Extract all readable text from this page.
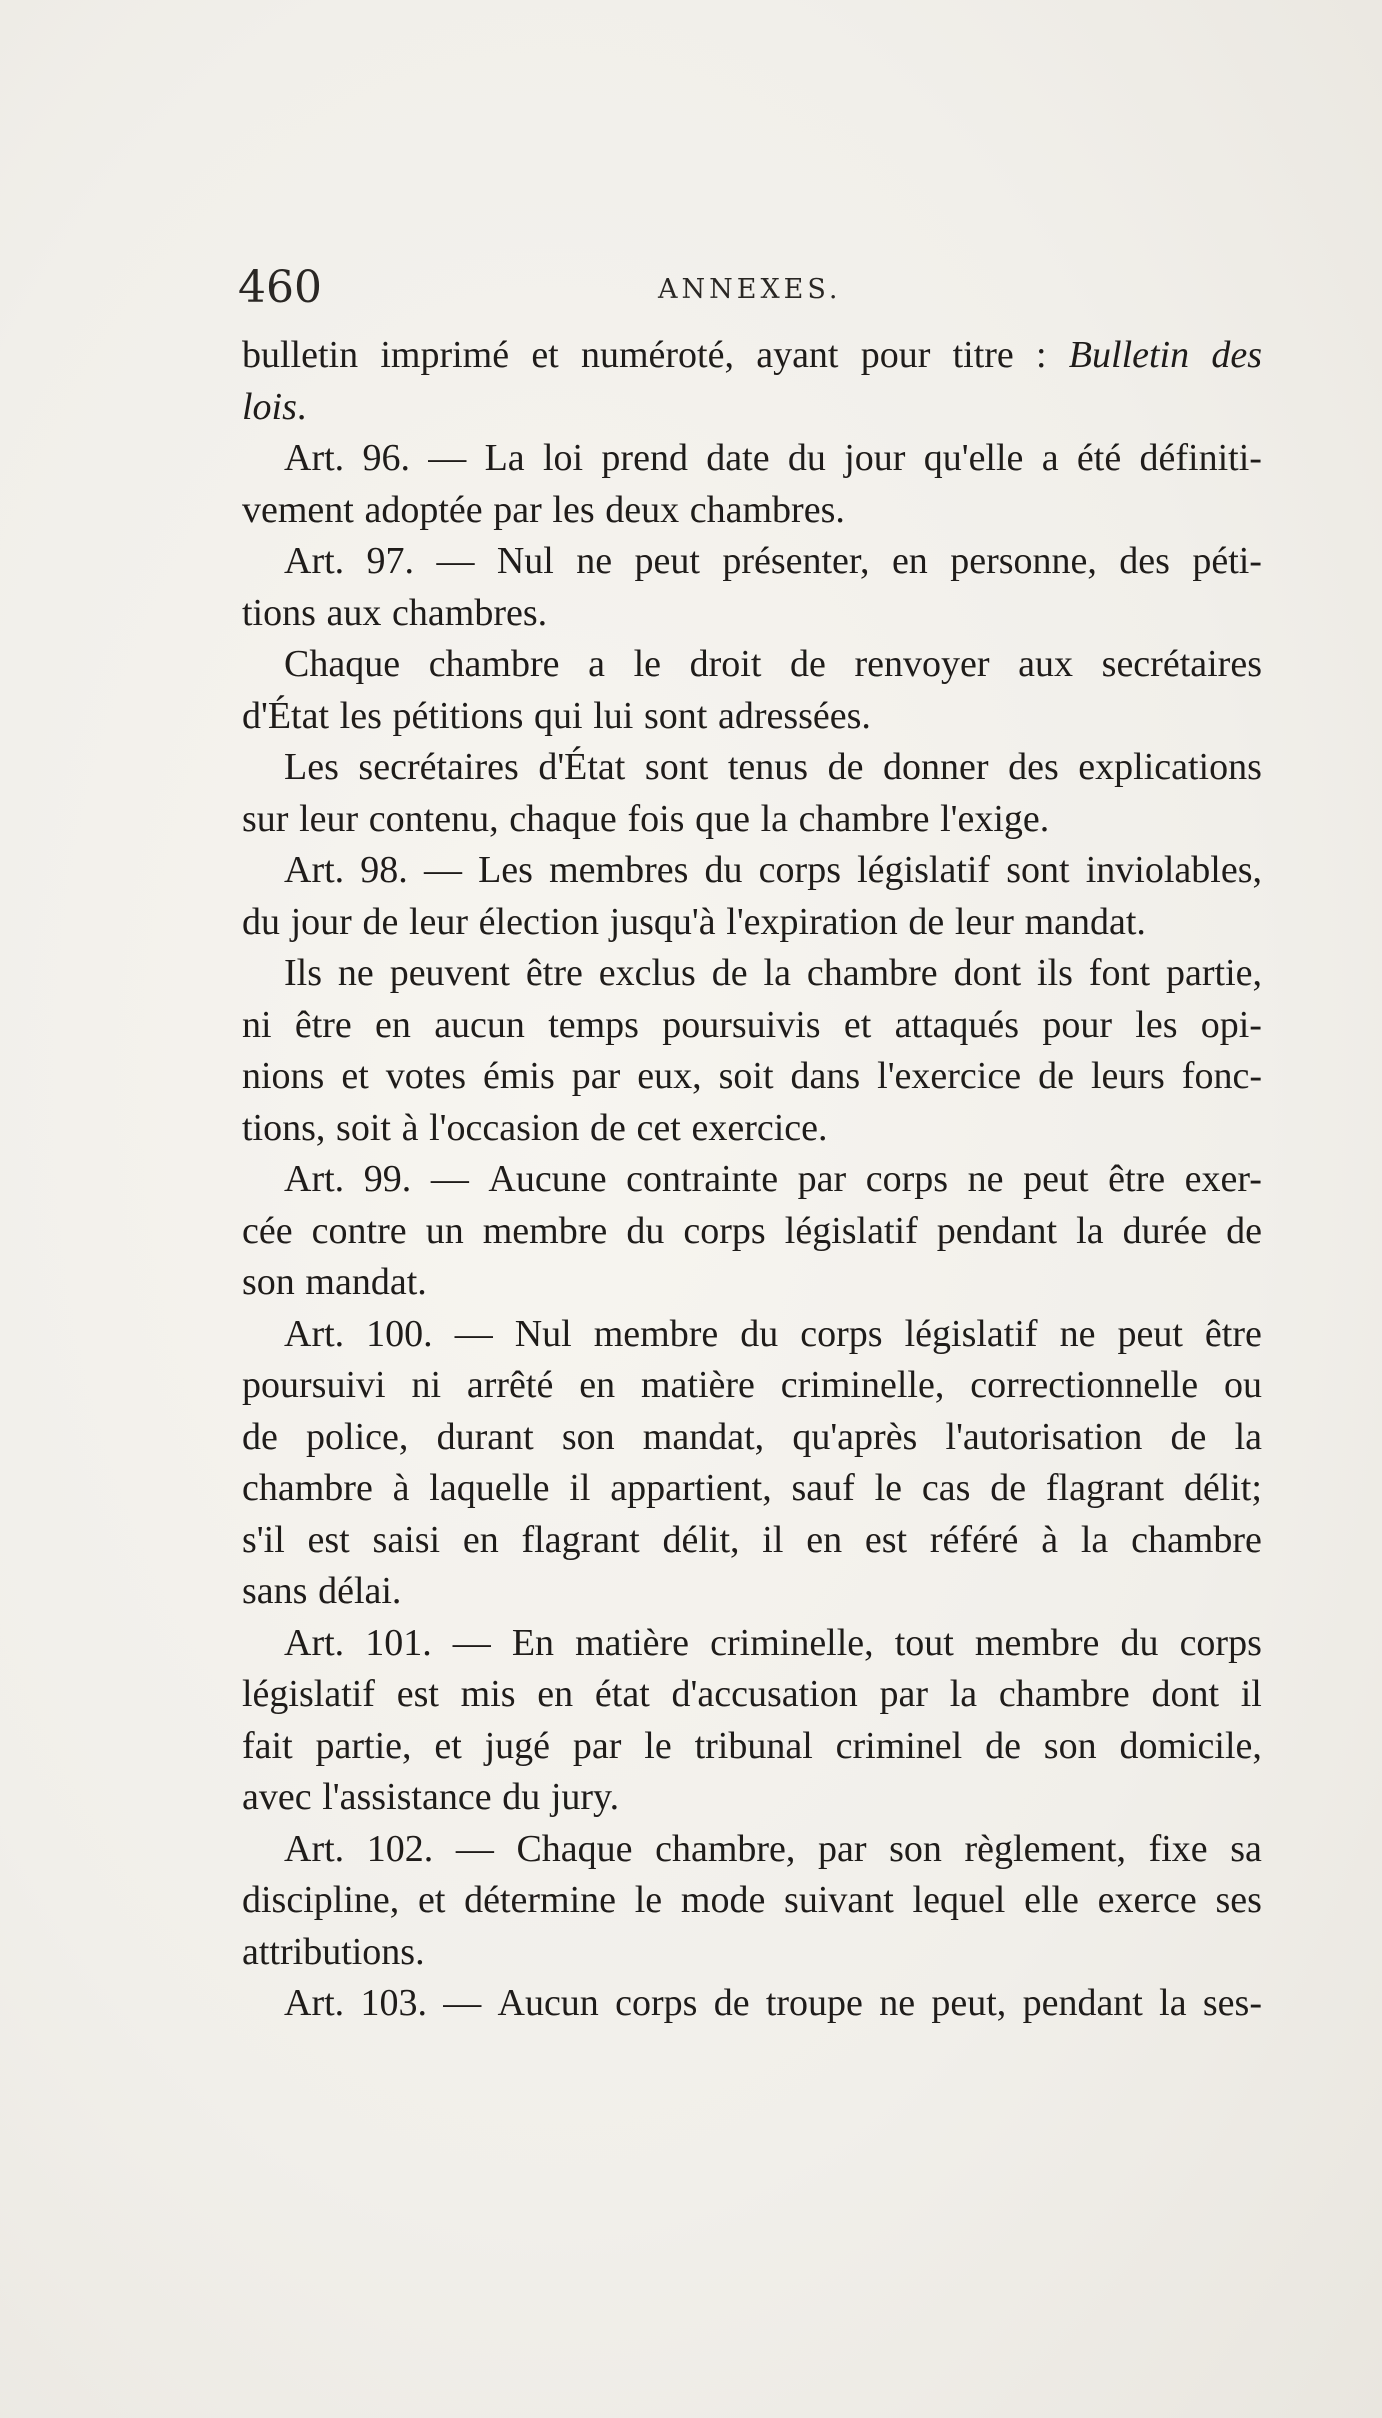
460	ANNEXES.
bulletin imprimé et numéroté, ayant pour titre : Bulletin des
lois.
Art. 96. — La loi prend date du jour qu'elle a été définiti-
vement adoptée par les deux chambres.
Art. 97. — Nul ne peut présenter, en personne, des péti-
tions aux chambres.
Chaque chambre a le droit de renvoyer aux secrétaires
d'État les pétitions qui lui sont adressées.
Les secrétaires d'État sont tenus de donner des explications
sur leur contenu, chaque fois que la chambre l'exige.
Art. 98. — Les membres du corps législatif sont inviolables,
du jour de leur élection jusqu'à l'expiration de leur mandat.
Ils ne peuvent être exclus de la chambre dont ils font partie,
ni être en aucun temps poursuivis et attaqués pour les opi-
nions et votes émis par eux, soit dans l'exercice de leurs fonc-
tions, soit à l'occasion de cet exercice.
Art. 99. — Aucune contrainte par corps ne peut être exer-
cée contre un membre du corps législatif pendant la durée de
son mandat.
Art. 100. — Nul membre du corps législatif ne peut être
poursuivi ni arrêté en matière criminelle, correctionnelle ou
de police, durant son mandat, qu'après l'autorisation de la
chambre à laquelle il appartient, sauf le cas de flagrant délit;
s'il est saisi en flagrant délit, il en est référé à la chambre
sans délai.
Art. 101. — En matière criminelle, tout membre du corps
législatif est mis en état d'accusation par la chambre dont il
fait partie, et jugé par le tribunal criminel de son domicile,
avec l'assistance du jury.
Art. 102. — Chaque chambre, par son règlement, fixe sa
discipline, et détermine le mode suivant lequel elle exerce ses
attributions.
Art. 103. — Aucun corps de troupe ne peut, pendant la ses-
